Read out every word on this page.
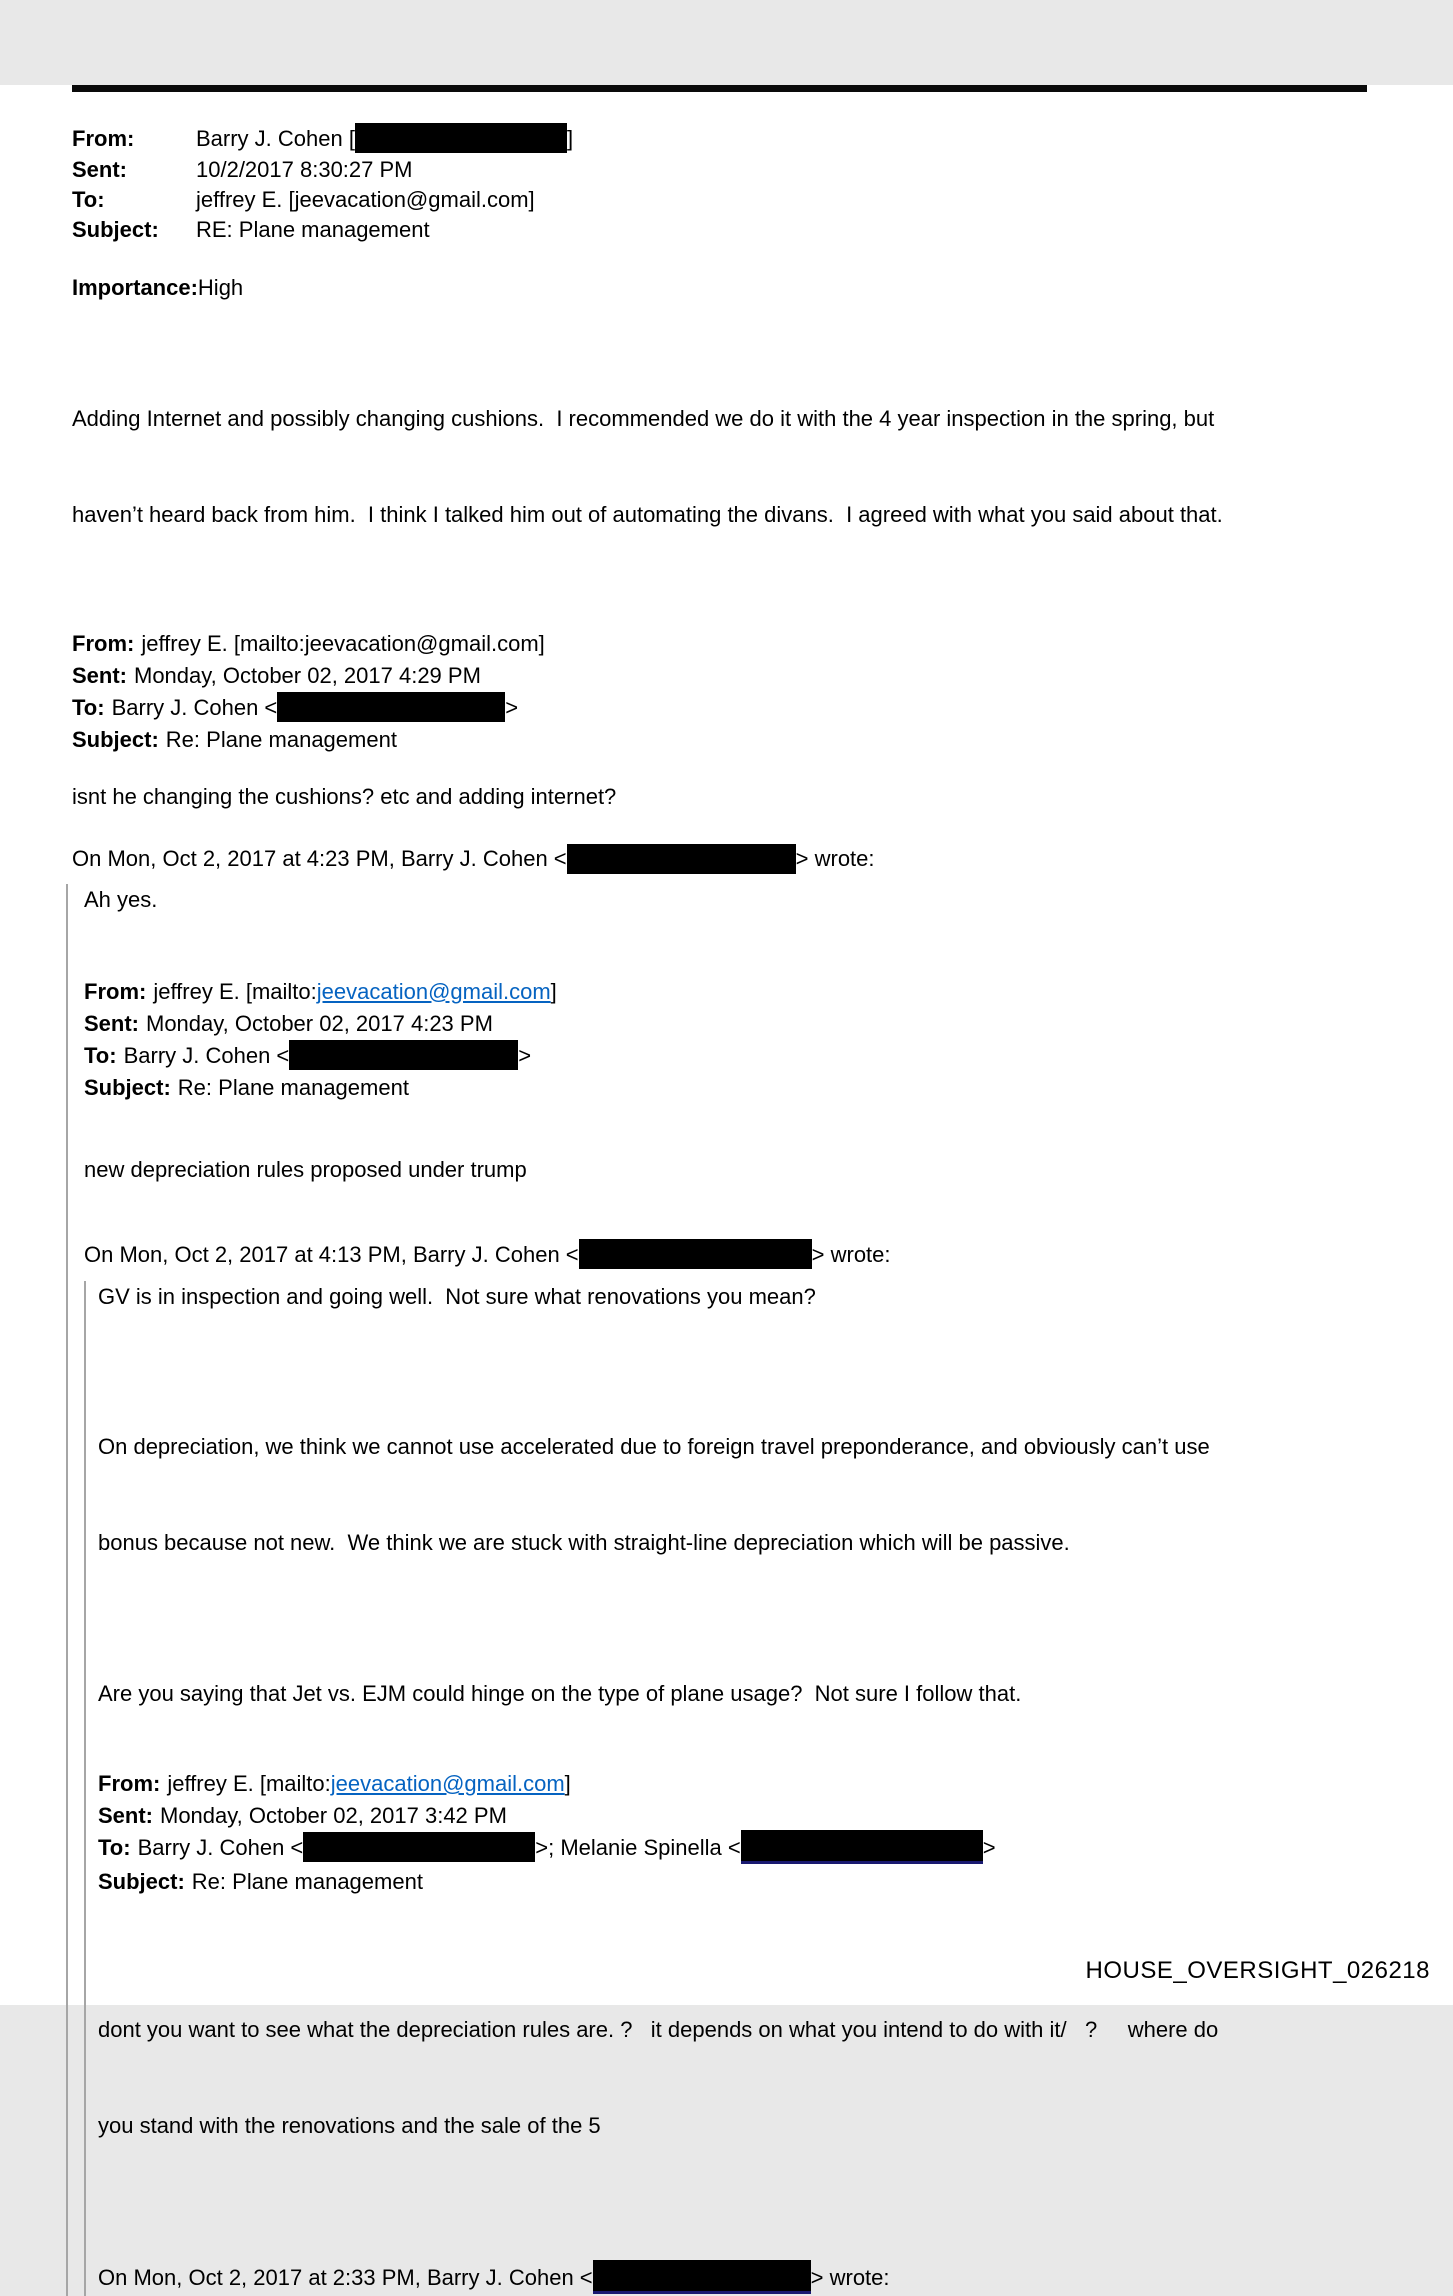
From:	Barry J. Cohen [	]
Sent:	10/2/2017 8:30:27 PM
To:	jeffrey E. [jeevacation@gmail.com]
Subject: RE: Plane management
Importance:High

Adding Internet and possibly changing cushions.  I recommended we do it with the 4 year inspection in the spring, but

haven’t heard back from him.  I think I talked him out of automating the divans.  I agreed with what you said about that.

From: jeffrey E. [mailto:jeevacation@gmail.com]
Sent: Monday, October 02, 2017 4:29 PM
To: Barry J. Cohen <	>
Subject: Re: Plane management
isnt he changing the cushions? etc and adding internet?
On Mon, Oct 2, 2017 at 4:23 PM, Barry J. Cohen <	> wrote:
Ah yes.
From: jeffrey E. [mailto:jeevacation@gmail.com]
Sent: Monday, October 02, 2017 4:23 PM
To: Barry J. Cohen <	>
Subject: Re: Plane management
new depreciation rules proposed under trump
On Mon, Oct 2, 2017 at 4:13 PM, Barry J. Cohen <	> wrote:
GV is in inspection and going well.  Not sure what renovations you mean?

On depreciation, we think we cannot use accelerated due to foreign travel preponderance, and obviously can’t use

bonus because not new.  We think we are stuck with straight-line depreciation which will be passive.

Are you saying that Jet vs. EJM could hinge on the type of plane usage?  Not sure I follow that.
From: jeffrey E. [mailto:jeevacation@gmail.com]
Sent: Monday, October 02, 2017 3:42 PM
To: Barry J. Cohen <	>; Melanie Spinella <	>
Subject: Re: Plane management

dont you want to see what the depreciation rules are. ?   it depends on what you intend to do with it/   ?     where do

you stand with the renovations and the sale of the 5

On Mon, Oct 2, 2017 at 2:33 PM, Barry J. Cohen <	> wrote:
HOUSE_OVERSIGHT_026218
